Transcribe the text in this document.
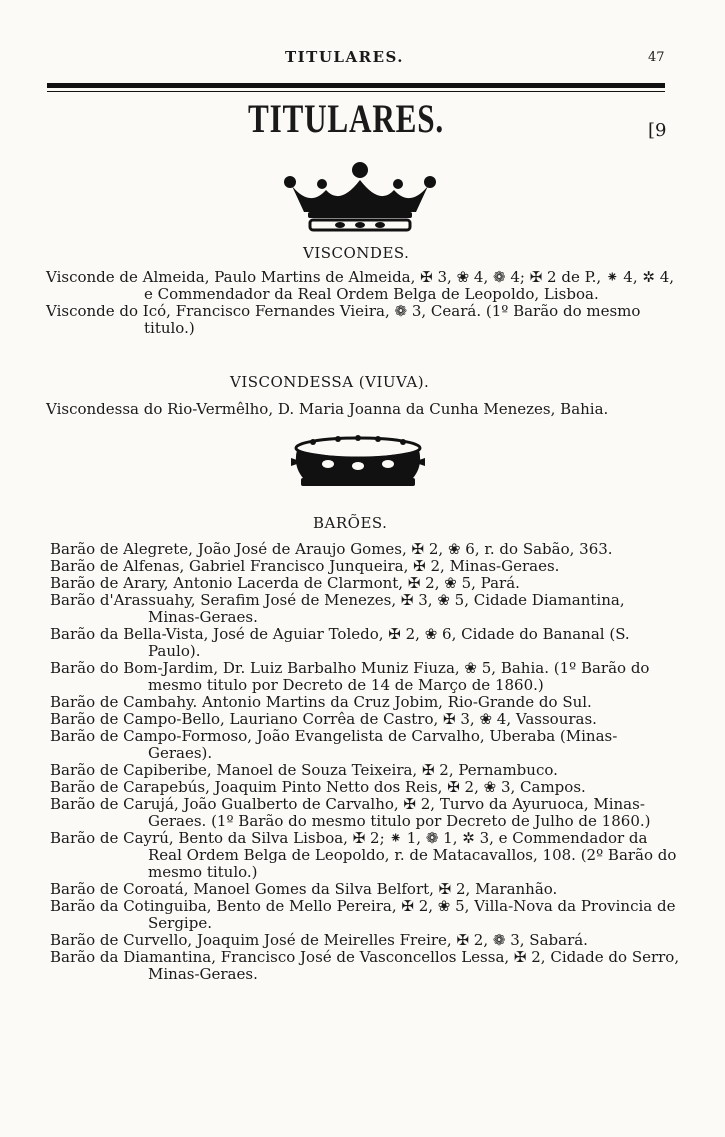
TITULARES.	47
TITULARES.	[9
VISCONDES.
Visconde de Almeida, Paulo Martins de Almeida, ✠ 3, ❀ 4, ❁ 4; ✠ 2 de P., ⁕ 4, ✲ 4, e Commendador da Real Ordem Belga de Leopoldo, Lisboa.
Visconde do Icó, Francisco Fernandes Vieira, ❁ 3, Ceará. (1º Barão do mesmo titulo.)
VISCONDESSA (VIUVA).
Viscondessa do Rio-Vermêlho, D. Maria Joanna da Cunha Menezes, Bahia.
BARÕES.
Barão de Alegrete, João José de Araujo Gomes, ✠ 2, ❀ 6, r. do Sabão, 363.
Barão de Alfenas, Gabriel Francisco Junqueira, ✠ 2, Minas-Geraes.
Barão de Arary, Antonio Lacerda de Clarmont, ✠ 2, ❀ 5, Pará.
Barão d'Arassuahy, Serafim José de Menezes, ✠ 3, ❀ 5, Cidade Diamantina, Minas-Geraes.
Barão da Bella-Vista, José de Aguiar Toledo, ✠ 2, ❀ 6, Cidade do Bananal (S. Paulo).
Barão do Bom-Jardim, Dr. Luiz Barbalho Muniz Fiuza, ❀ 5, Bahia. (1º Barão do mesmo titulo por Decreto de 14 de Março de 1860.)
Barão de Cambahy. Antonio Martins da Cruz Jobim, Rio-Grande do Sul.
Barão de Campo-Bello, Lauriano Corrêa de Castro, ✠ 3, ❀ 4, Vassouras.
Barão de Campo-Formoso, João Evangelista de Carvalho, Uberaba (Minas-Geraes).
Barão de Capiberibe, Manoel de Souza Teixeira, ✠ 2, Pernambuco.
Barão de Carapebús, Joaquim Pinto Netto dos Reis, ✠ 2, ❀ 3, Campos.
Barão de Carujá, João Gualberto de Carvalho, ✠ 2, Turvo da Ayuruoca, Minas-Geraes. (1º Barão do mesmo titulo por Decreto de Julho de 1860.)
Barão de Cayrú, Bento da Silva Lisboa, ✠ 2; ⁕ 1, ❁ 1, ✲ 3, e Commendador da Real Ordem Belga de Leopoldo, r. de Matacavallos, 108. (2º Barão do mesmo titulo.)
Barão de Coroatá, Manoel Gomes da Silva Belfort, ✠ 2, Maranhão.
Barão da Cotinguiba, Bento de Mello Pereira, ✠ 2, ❀ 5, Villa-Nova da Provincia de Sergipe.
Barão de Curvello, Joaquim José de Meirelles Freire, ✠ 2, ❁ 3, Sabará.
Barão da Diamantina, Francisco José de Vasconcellos Lessa, ✠ 2, Cidade do Serro, Minas-Geraes.
